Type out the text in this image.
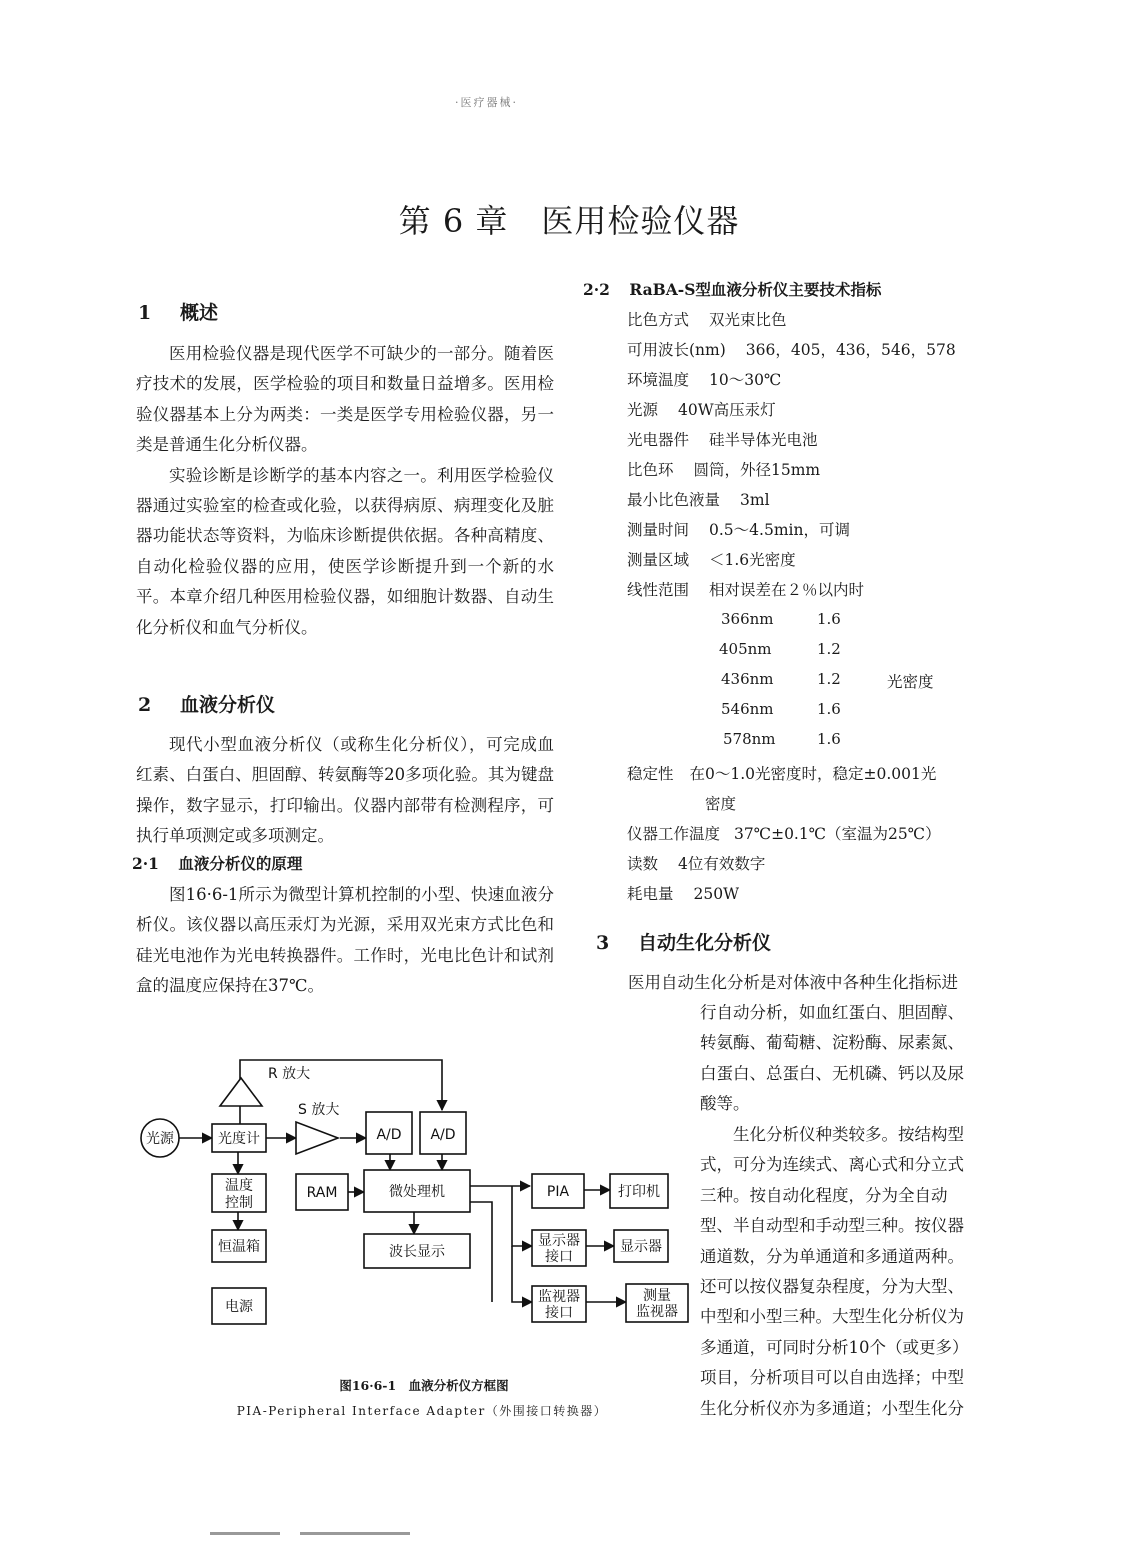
·医疗器械·
第 6 章　医用检验仪器
1 概述

医用检验仪器是现代医学不可缺少的一部分。随着医疗技术的发展，医学检验的项目和数量日益增多。医用检验仪器基本上分为两类：一类是医学专用检验仪器，另一类是普通生化分析仪器。

实验诊断是诊断学的基本内容之一。利用医学检验仪器通过实验室的检查或化验，以获得病原、病理变化及脏器功能状态等资料，为临床诊断提供依据。各种高精度、自动化检验仪器的应用，使医学诊断提升到一个新的水平。本章介绍几种医用检验仪器，如细胞计数器、自动生化分析仪和血气分析仪。

2 血液分析仪

现代小型血液分析仪（或称生化分析仪），可完成血红素、白蛋白、胆固醇、转氨酶等20多项化验。其为键盘操作，数字显示，打印输出。仪器内部带有检测程序，可执行单项测定或多项测定。

2·1 血液分析仪的原理

图16·6-1所示为微型计算机控制的小型、快速血液分析仪。该仪器以高压汞灯为光源，采用双光束方式比色和硅光电池作为光电转换器件。工作时，光电比色计和试剂盒的温度应保持在37℃。

光源	光度计
R 放大
S 放大
A/D A/D
温度
控制
恒温箱
电源
RAM	微处理机
波长显示
PIA	打印机
显示器
接口
显示器
监视器
接口
测量
监视器
图16·6-1　血液分析仪方框图
PIA-Peripheral Interface Adapter（外围接口转换器）
2·2 RaBA-S型血液分析仪主要技术指标
比色方式 双光束比色
可用波长(nm) 366，405，436，546，578
环境温度 10～30℃
光源 40W高压汞灯
光电器件 硅半导体光电池
比色环 圆筒，外径15mm
最小比色液量 3ml
测量时间 0.5～4.5min，可调
测量区域 ＜1.6光密度
线性范围 相对误差在２％以内时
366nm	1.6
405nm	1.2
436nm	1.2	光密度
546nm	1.6
578nm	1.6
稳定性 在0～1.0光密度时，稳定±0.001光
密度
仪器工作温度 37℃±0.1℃（室温为25℃）
读数 4位有效数字
耗电量 250W
3 自动生化分析仪
医用自动生化分析是对体液中各种生化指标进
行自动分析，如血红蛋白、胆固醇、
转氨酶、葡萄糖、淀粉酶、尿素氮、
白蛋白、总蛋白、无机磷、钙以及尿
酸等。
生化分析仪种类较多。按结构型
式，可分为连续式、离心式和分立式
三种。按自动化程度，分为全自动
型、半自动型和手动型三种。按仪器
通道数，分为单通道和多通道两种。
还可以按仪器复杂程度，分为大型、
中型和小型三种。大型生化分析仪为
多通道，可同时分析10个（或更多）
项目，分析项目可以自由选择；中型
生化分析仪亦为多通道；小型生化分
